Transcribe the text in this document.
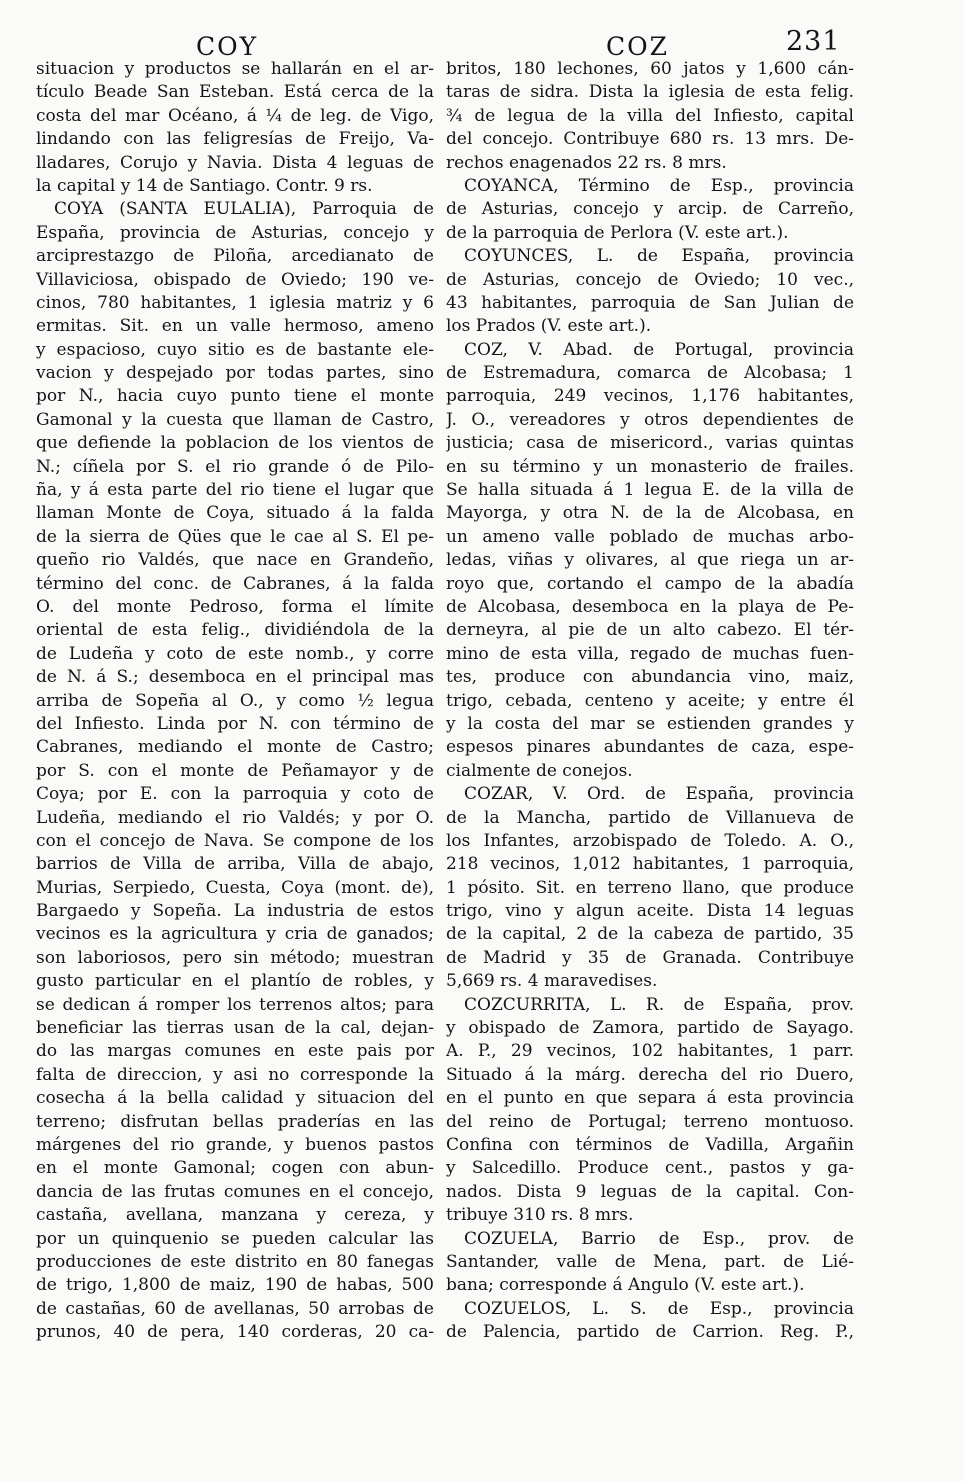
COY	COZ	231
situacion y productos se hallarán en el ar-
tículo Beade San Esteban. Está cerca de la
costa del mar Océano, á ¼ de leg. de Vigo,
lindando con las feligresías de Freijo, Va-
lladares, Corujo y Navia. Dista 4 leguas de
la capital y 14 de Santiago. Contr. 9 rs.
COYA (SANTA EULALIA), Parroquia de
España, provincia de Asturias, concejo y
arciprestazgo de Piloña, arcedianato de
Villaviciosa, obispado de Oviedo; 190 ve-
cinos, 780 habitantes, 1 iglesia matriz y 6
ermitas. Sit. en un valle hermoso, ameno
y espacioso, cuyo sitio es de bastante ele-
vacion y despejado por todas partes, sino
por N., hacia cuyo punto tiene el monte
Gamonal y la cuesta que llaman de Castro,
que defiende la poblacion de los vientos de
N.; cíñela por S. el rio grande ó de Pilo-
ña, y á esta parte del rio tiene el lugar que
llaman Monte de Coya, situado á la falda
de la sierra de Qües que le cae al S. El pe-
queño rio Valdés, que nace en Grandeño,
término del conc. de Cabranes, á la falda
O. del monte Pedroso, forma el límite
oriental de esta felig., dividiéndola de la
de Ludeña y coto de este nomb., y corre
de N. á S.; desemboca en el principal mas
arriba de Sopeña al O., y como ½ legua
del Infiesto. Linda por N. con término de
Cabranes, mediando el monte de Castro;
por S. con el monte de Peñamayor y de
Coya; por E. con la parroquia y coto de
Ludeña, mediando el rio Valdés; y por O.
con el concejo de Nava. Se compone de los
barrios de Villa de arriba, Villa de abajo,
Murias, Serpiedo, Cuesta, Coya (mont. de),
Bargaedo y Sopeña. La industria de estos
vecinos es la agricultura y cria de ganados;
son laboriosos, pero sin método; muestran
gusto particular en el plantío de robles, y
se dedican á romper los terrenos altos; para
beneficiar las tierras usan de la cal, dejan-
do las margas comunes en este pais por
falta de direccion, y asi no corresponde la
cosecha á la bella calidad y situacion del
terreno; disfrutan bellas praderías en las
márgenes del rio grande, y buenos pastos
en el monte Gamonal; cogen con abun-
dancia de las frutas comunes en el concejo,
castaña, avellana, manzana y cereza, y
por un quinquenio se pueden calcular las
producciones de este distrito en 80 fanegas
de trigo, 1,800 de maiz, 190 de habas, 500
de castañas, 60 de avellanas, 50 arrobas de
prunos, 40 de pera, 140 corderas, 20 ca-
britos, 180 lechones, 60 jatos y 1,600 cán-
taras de sidra. Dista la iglesia de esta felig.
¾ de legua de la villa del Infiesto, capital
del concejo. Contribuye 680 rs. 13 mrs. De-
rechos enagenados 22 rs. 8 mrs.
COYANCA, Término de Esp., provincia
de Asturias, concejo y arcip. de Carreño,
de la parroquia de Perlora (V. este art.).
COYUNCES, L. de España, provincia
de Asturias, concejo de Oviedo; 10 vec.,
43 habitantes, parroquia de San Julian de
los Prados (V. este art.).
COZ, V. Abad. de Portugal, provincia
de Estremadura, comarca de Alcobasa; 1
parroquia, 249 vecinos, 1,176 habitantes,
J. O., vereadores y otros dependientes de
justicia; casa de misericord., varias quintas
en su término y un monasterio de frailes.
Se halla situada á 1 legua E. de la villa de
Mayorga, y otra N. de la de Alcobasa, en
un ameno valle poblado de muchas arbo-
ledas, viñas y olivares, al que riega un ar-
royo que, cortando el campo de la abadía
de Alcobasa, desemboca en la playa de Pe-
derneyra, al pie de un alto cabezo. El tér-
mino de esta villa, regado de muchas fuen-
tes, produce con abundancia vino, maiz,
trigo, cebada, centeno y aceite; y entre él
y la costa del mar se estienden grandes y
espesos pinares abundantes de caza, espe-
cialmente de conejos.
COZAR, V. Ord. de España, provincia
de la Mancha, partido de Villanueva de
los Infantes, arzobispado de Toledo. A. O.,
218 vecinos, 1,012 habitantes, 1 parroquia,
1 pósito. Sit. en terreno llano, que produce
trigo, vino y algun aceite. Dista 14 leguas
de la capital, 2 de la cabeza de partido, 35
de Madrid y 35 de Granada. Contribuye
5,669 rs. 4 maravedises.
COZCURRITA, L. R. de España, prov.
y obispado de Zamora, partido de Sayago.
A. P., 29 vecinos, 102 habitantes, 1 parr.
Situado á la márg. derecha del rio Duero,
en el punto en que separa á esta provincia
del reino de Portugal; terreno montuoso.
Confina con términos de Vadilla, Argañin
y Salcedillo. Produce cent., pastos y ga-
nados. Dista 9 leguas de la capital. Con-
tribuye 310 rs. 8 mrs.
COZUELA, Barrio de Esp., prov. de
Santander, valle de Mena, part. de Lié-
bana; corresponde á Angulo (V. este art.).
COZUELOS, L. S. de Esp., provincia
de Palencia, partido de Carrion. Reg. P.,
